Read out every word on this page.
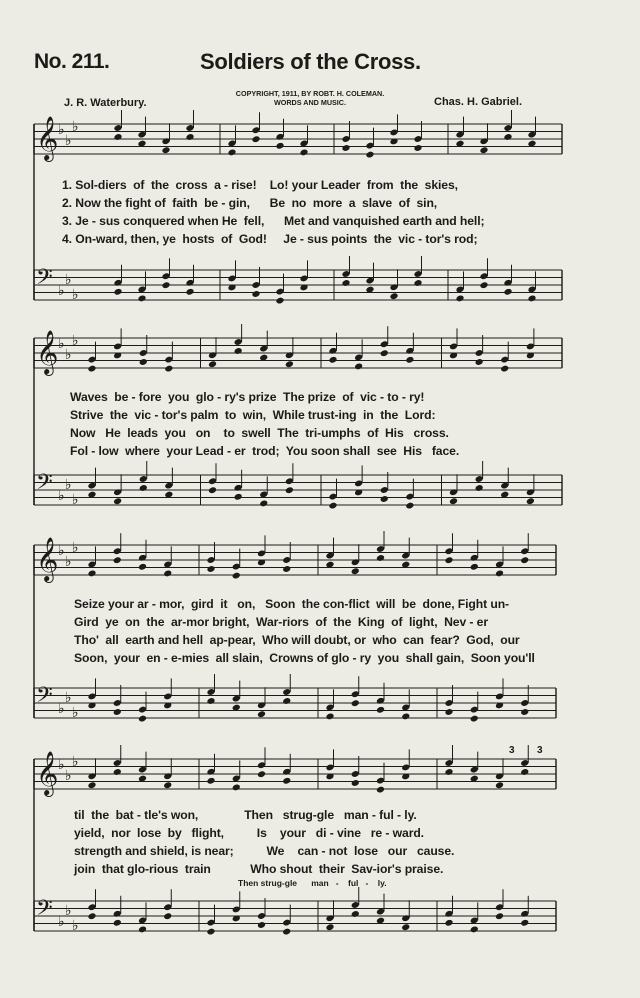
No. 211.	Soldiers of the Cross.
COPYRIGHT, 1911, BY ROBT. H. COLEMAN.
WORDS AND MUSIC.
J. R. Waterbury.	Chas. H. Gabriel.
𝄞 ♭
♭
♭
𝄢 ♭
♭
♭
𝄞 ♭
♭
♭
𝄢 ♭
♭
♭
𝄞 ♭
♭
♭
𝄢 ♭
♭
♭
𝄞 ♭
♭
♭
𝄢 ♭
♭
♭
1. Sol-diers  of  the  cross  a - rise!    Lo! your Leader  from  the  skies,
2. Now the fight of  faith  be - gin,      Be  no  more  a  slave  of  sin,
3. Je - sus conquered when He  fell,      Met and vanquished earth and hell;
4. On-ward, then, ye  hosts  of  God!     Je - sus points  the  vic - tor's rod;
Waves  be - fore  you  glo - ry's prize  The prize  of  vic - to - ry!
Strive  the  vic - tor's palm  to  win,  While trust-ing  in  the  Lord:
Now   He  leads  you   on    to  swell  The  tri-umphs  of  His   cross.
Fol - low  where  your Lead - er  trod;  You soon shall  see  His   face.
Seize your ar - mor,  gird  it   on,   Soon  the con-flict  will  be  done, Fight un-
Gird  ye  on  the  ar-mor bright,  War-riors  of  the  King  of  light,  Nev - er
Tho'  all  earth and hell  ap-pear,  Who will doubt, or  who  can  fear?  God,  our
Soon,  your  en - e-mies  all slain,  Crowns of glo - ry  you  shall gain,  Soon you'll
til  the  bat - tle's won,              Then   strug-gle   man - ful - ly.
yield,  nor  lose  by   flight,          Is    your   di - vine   re - ward.
strength and shield, is near;          We    can - not  lose   our   cause.
join  that glo-rious  train            Who shout  their  Sav-ior's praise.
Then strug-gle      man   -    ful   -    ly.
3 3
